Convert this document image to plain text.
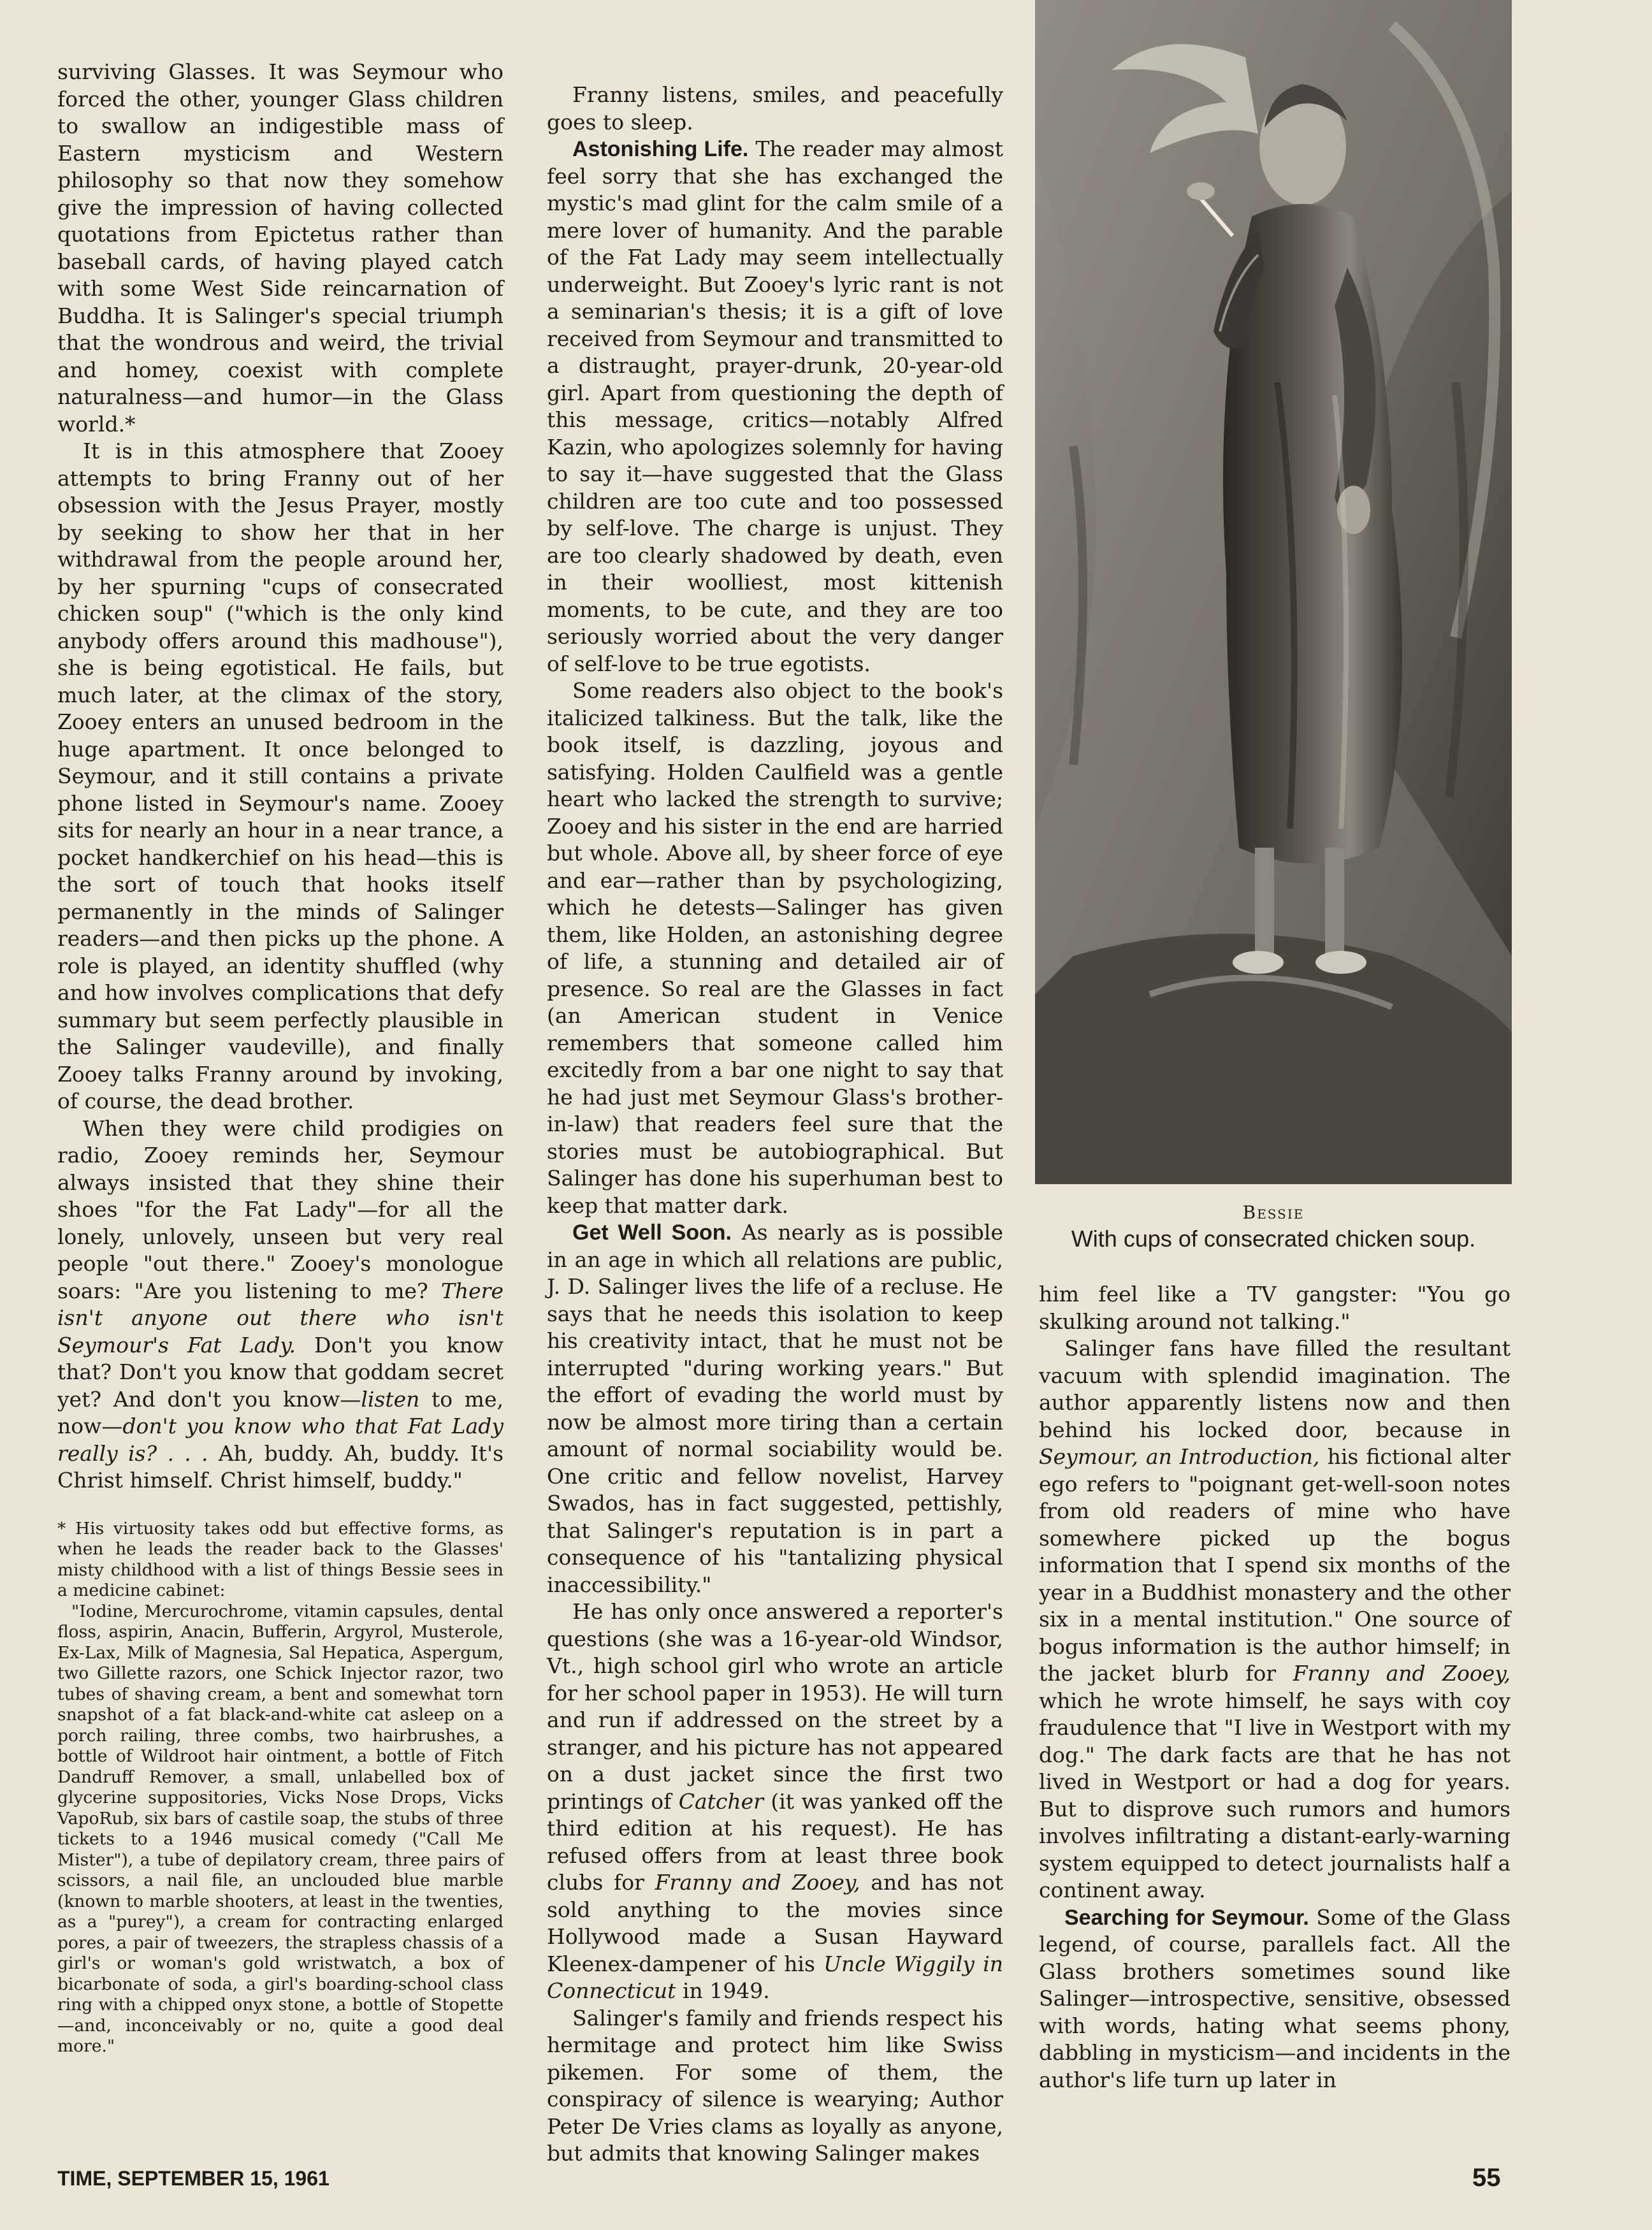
surviving Glasses. It was Seymour who forced the other, younger Glass children to swallow an indigestible mass of Eastern mysticism and Western philosophy so that now they somehow give the impression of having collected quotations from Epictetus rather than baseball cards, of having played catch with some West Side reincarnation of Buddha. It is Salinger's special triumph that the wondrous and weird, the trivial and homey, coexist with complete naturalness—and humor—in the Glass world.*

It is in this atmosphere that Zooey attempts to bring Franny out of her obsession with the Jesus Prayer, mostly by seeking to show her that in her withdrawal from the people around her, by her spurning "cups of consecrated chicken soup" ("which is the only kind anybody offers around this madhouse"), she is being egotistical. He fails, but much later, at the climax of the story, Zooey enters an unused bedroom in the huge apartment. It once belonged to Seymour, and it still contains a private phone listed in Seymour's name. Zooey sits for nearly an hour in a near trance, a pocket handkerchief on his head—this is the sort of touch that hooks itself permanently in the minds of Salinger readers—and then picks up the phone. A role is played, an identity shuffled (why and how involves complications that defy summary but seem perfectly plausible in the Salinger vaudeville), and finally Zooey talks Franny around by invoking, of course, the dead brother.

When they were child prodigies on radio, Zooey reminds her, Seymour always insisted that they shine their shoes "for the Fat Lady"—for all the lonely, unlovely, unseen but very real people "out there." Zooey's monologue soars: "Are you listening to me? There isn't anyone out there who isn't Seymour's Fat Lady. Don't you know that? Don't you know that goddam secret yet? And don't you know—listen to me, now—don't you know who that Fat Lady really is? . . . Ah, buddy. Ah, buddy. It's Christ himself. Christ himself, buddy."

* His virtuosity takes odd but effective forms, as when he leads the reader back to the Glasses' misty childhood with a list of things Bessie sees in a medicine cabinet:

"Iodine, Mercurochrome, vitamin capsules, dental floss, aspirin, Anacin, Bufferin, Argyrol, Musterole, Ex-Lax, Milk of Magnesia, Sal Hepatica, Aspergum, two Gillette razors, one Schick Injector razor, two tubes of shaving cream, a bent and somewhat torn snapshot of a fat black-and-white cat asleep on a porch railing, three combs, two hairbrushes, a bottle of Wildroot hair ointment, a bottle of Fitch Dandruff Remover, a small, unlabelled box of glycerine suppositories, Vicks Nose Drops, Vicks VapoRub, six bars of castile soap, the stubs of three tickets to a 1946 musical comedy ("Call Me Mister"), a tube of depilatory cream, three pairs of scissors, a nail file, an unclouded blue marble (known to marble shooters, at least in the twenties, as a "purey"), a cream for contracting enlarged pores, a pair of tweezers, the strapless chassis of a girl's or woman's gold wristwatch, a box of bicarbonate of soda, a girl's boarding-school class ring with a chipped onyx stone, a bottle of Stopette—and, inconceivably or no, quite a good deal more."

Franny listens, smiles, and peacefully goes to sleep.

Astonishing Life. The reader may almost feel sorry that she has exchanged the mystic's mad glint for the calm smile of a mere lover of humanity. And the parable of the Fat Lady may seem intellectually underweight. But Zooey's lyric rant is not a seminarian's thesis; it is a gift of love received from Seymour and transmitted to a distraught, prayer-drunk, 20-year-old girl. Apart from questioning the depth of this message, critics—notably Alfred Kazin, who apologizes solemnly for having to say it—have suggested that the Glass children are too cute and too possessed by self-love. The charge is unjust. They are too clearly shadowed by death, even in their woolliest, most kittenish moments, to be cute, and they are too seriously worried about the very danger of self-love to be true egotists.

Some readers also object to the book's italicized talkiness. But the talk, like the book itself, is dazzling, joyous and satisfying. Holden Caulfield was a gentle heart who lacked the strength to survive; Zooey and his sister in the end are harried but whole. Above all, by sheer force of eye and ear—rather than by psychologizing, which he detests—Salinger has given them, like Holden, an astonishing degree of life, a stunning and detailed air of presence. So real are the Glasses in fact (an American student in Venice remembers that someone called him excitedly from a bar one night to say that he had just met Seymour Glass's brother-in-law) that readers feel sure that the stories must be autobiographical. But Salinger has done his superhuman best to keep that matter dark.

Get Well Soon. As nearly as is possible in an age in which all relations are public, J. D. Salinger lives the life of a recluse. He says that he needs this isolation to keep his creativity intact, that he must not be interrupted "during working years." But the effort of evading the world must by now be almost more tiring than a certain amount of normal sociability would be. One critic and fellow novelist, Harvey Swados, has in fact suggested, pettishly, that Salinger's reputation is in part a consequence of his "tantalizing physical inaccessibility."

He has only once answered a reporter's questions (she was a 16-year-old Windsor, Vt., high school girl who wrote an article for her school paper in 1953). He will turn and run if addressed on the street by a stranger, and his picture has not appeared on a dust jacket since the first two printings of Catcher (it was yanked off the third edition at his request). He has refused offers from at least three book clubs for Franny and Zooey, and has not sold anything to the movies since Hollywood made a Susan Hayward Kleenex-dampener of his Uncle Wiggily in Connecticut in 1949.

Salinger's family and friends respect his hermitage and protect him like Swiss pikemen. For some of them, the conspiracy of silence is wearying; Author Peter De Vries clams as loyally as anyone, but admits that knowing Salinger makes

Bessie
With cups of consecrated chicken soup.

him feel like a TV gangster: "You go skulking around not talking."

Salinger fans have filled the resultant vacuum with splendid imagination. The author apparently listens now and then behind his locked door, because in Seymour, an Introduction, his fictional alter ego refers to "poignant get-well-soon notes from old readers of mine who have somewhere picked up the bogus information that I spend six months of the year in a Buddhist monastery and the other six in a mental institution." One source of bogus information is the author himself; in the jacket blurb for Franny and Zooey, which he wrote himself, he says with coy fraudulence that "I live in Westport with my dog." The dark facts are that he has not lived in Westport or had a dog for years. But to disprove such rumors and humors involves infiltrating a distant-early-warning system equipped to detect journalists half a continent away.

Searching for Seymour. Some of the Glass legend, of course, parallels fact. All the Glass brothers sometimes sound like Salinger—introspective, sensitive, obsessed with words, hating what seems phony, dabbling in mysticism—and incidents in the author's life turn up later in

TIME, SEPTEMBER 15, 1961	55
